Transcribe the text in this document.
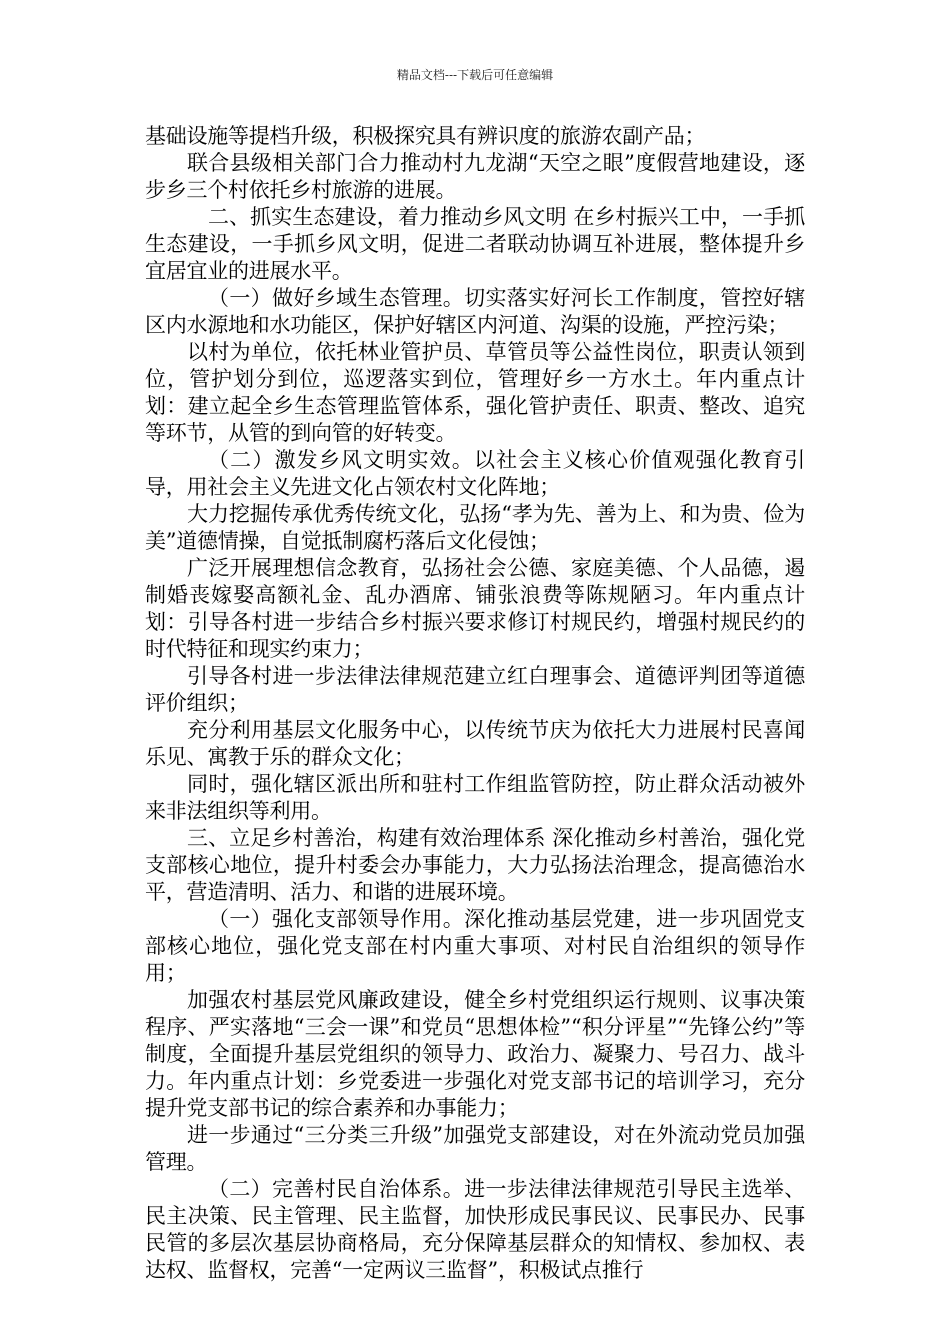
精品文档---下载后可任意编辑

基础设施等提档升级，积极探究具有辨识度的旅游农副产品；

联合县级相关部门合力推动村九龙湖“天空之眼”度假营地建设，逐步乡三个村依托乡村旅游的进展。

二、抓实生态建设，着力推动乡风文明 在乡村振兴工中，一手抓生态建设，一手抓乡风文明，促进二者联动协调互补进展，整体提升乡宜居宜业的进展水平。

（一）做好乡域生态管理。切实落实好河长工作制度，管控好辖区内水源地和水功能区，保护好辖区内河道、沟渠的设施，严控污染；

以村为单位，依托林业管护员、草管员等公益性岗位，职责认领到位，管护划分到位，巡逻落实到位，管理好乡一方水土。年内重点计划：建立起全乡生态管理监管体系，强化管护责任、职责、整改、追究等环节，从管的到向管的好转变。

（二）激发乡风文明实效。以社会主义核心价值观强化教育引导，用社会主义先进文化占领农村文化阵地；

大力挖掘传承优秀传统文化，弘扬“孝为先、善为上、和为贵、俭为美”道德情操，自觉抵制腐朽落后文化侵蚀；

广泛开展理想信念教育，弘扬社会公德、家庭美德、个人品德，遏制婚丧嫁娶高额礼金、乱办酒席、铺张浪费等陈规陋习。年内重点计划：引导各村进一步结合乡村振兴要求修订村规民约，增强村规民约的时代特征和现实约束力；

引导各村进一步法律法律规范建立红白理事会、道德评判团等道德评价组织；

充分利用基层文化服务中心，以传统节庆为依托大力进展村民喜闻乐见、寓教于乐的群众文化；

同时，强化辖区派出所和驻村工作组监管防控，防止群众活动被外来非法组织等利用。

三、立足乡村善治，构建有效治理体系 深化推动乡村善治，强化党支部核心地位，提升村委会办事能力，大力弘扬法治理念，提高德治水平，营造清明、活力、和谐的进展环境。

（一）强化支部领导作用。深化推动基层党建，进一步巩固党支部核心地位，强化党支部在村内重大事项、对村民自治组织的领导作用；

加强农村基层党风廉政建设，健全乡村党组织运行规则、议事决策程序、严实落地“三会一课”和党员“思想体检”“积分评星”“先锋公约”等制度，全面提升基层党组织的领导力、政治力、凝聚力、号召力、战斗力。年内重点计划：乡党委进一步强化对党支部书记的培训学习，充分提升党支部书记的综合素养和办事能力；

进一步通过“三分类三升级”加强党支部建设，对在外流动党员加强管理。

（二）完善村民自治体系。进一步法律法律规范引导民主选举、民主决策、民主管理、民主监督，加快形成民事民议、民事民办、民事民管的多层次基层协商格局，充分保障基层群众的知情权、参加权、表达权、监督权，完善“一定两议三监督”，积极试点推行
